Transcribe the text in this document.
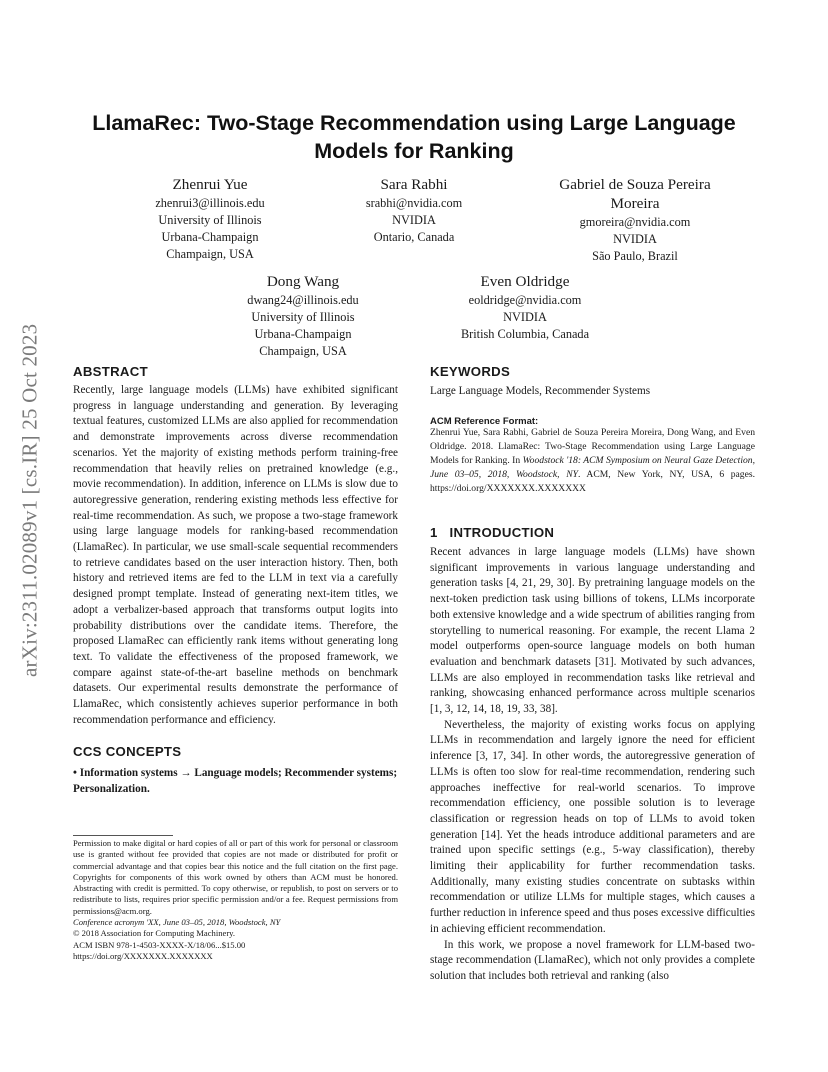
LlamaRec: Two-Stage Recommendation using Large Language Models for Ranking
Zhenrui Yue
zhenrui3@illinois.edu
University of Illinois
Urbana-Champaign
Champaign, USA
Sara Rabhi
srabhi@nvidia.com
NVIDIA
Ontario, Canada
Gabriel de Souza Pereira Moreira
gmoreira@nvidia.com
NVIDIA
São Paulo, Brazil
Dong Wang
dwang24@illinois.edu
University of Illinois
Urbana-Champaign
Champaign, USA
Even Oldridge
eoldridge@nvidia.com
NVIDIA
British Columbia, Canada
arXiv:2311.02089v1 [cs.IR] 25 Oct 2023	ABSTRACT

Recently, large language models (LLMs) have exhibited significant progress in language understanding and generation. By leveraging textual features, customized LLMs are also applied for recommendation and demonstrate improvements across diverse recommendation scenarios. Yet the majority of existing methods perform training-free recommendation that heavily relies on pretrained knowledge (e.g., movie recommendation). In addition, inference on LLMs is slow due to autoregressive generation, rendering existing methods less effective for real-time recommendation. As such, we propose a two-stage framework using large language models for ranking-based recommendation (LlamaRec). In particular, we use small-scale sequential recommenders to retrieve candidates based on the user interaction history. Then, both history and retrieved items are fed to the LLM in text via a carefully designed prompt template. Instead of generating next-item titles, we adopt a verbalizer-based approach that transforms output logits into probability distributions over the candidate items. Therefore, the proposed LlamaRec can efficiently rank items without generating long text. To validate the effectiveness of the proposed framework, we compare against state-of-the-art baseline methods on benchmark datasets. Our experimental results demonstrate the performance of LlamaRec, which consistently achieves superior performance in both recommendation performance and efficiency.

CCS CONCEPTS
• Information systems → Language models; Recommender systems; Personalization.

Permission to make digital or hard copies of all or part of this work for personal or classroom use is granted without fee provided that copies are not made or distributed for profit or commercial advantage and that copies bear this notice and the full citation on the first page. Copyrights for components of this work owned by others than ACM must be honored. Abstracting with credit is permitted. To copy otherwise, or republish, to post on servers or to redistribute to lists, requires prior specific permission and/or a fee. Request permissions from permissions@acm.org.

Conference acronym 'XX, June 03–05, 2018, Woodstock, NY

© 2018 Association for Computing Machinery.

ACM ISBN 978-1-4503-XXXX-X/18/06...$15.00

https://doi.org/XXXXXXX.XXXXXXX

KEYWORDS
Large Language Models, Recommender Systems
ACM Reference Format:
Zhenrui Yue, Sara Rabhi, Gabriel de Souza Pereira Moreira, Dong Wang, and Even Oldridge. 2018. LlamaRec: Two-Stage Recommendation using Large Language Models for Ranking. In Woodstock '18: ACM Symposium on Neural Gaze Detection, June 03–05, 2018, Woodstock, NY. ACM, New York, NY, USA, 6 pages. https://doi.org/XXXXXXX.XXXXXXX
1   INTRODUCTION

Recent advances in large language models (LLMs) have shown significant improvements in various language understanding and generation tasks [4, 21, 29, 30]. By pretraining language models on the next-token prediction task using billions of tokens, LLMs incorporate both extensive knowledge and a wide spectrum of abilities ranging from storytelling to numerical reasoning. For example, the recent Llama 2 model outperforms open-source language models on both human evaluation and benchmark datasets [31]. Motivated by such advances, LLMs are also employed in recommendation tasks like retrieval and ranking, showcasing enhanced performance across multiple scenarios [1, 3, 12, 14, 18, 19, 33, 38].

Nevertheless, the majority of existing works focus on applying LLMs in recommendation and largely ignore the need for efficient inference [3, 17, 34]. In other words, the autoregressive generation of LLMs is often too slow for real-time recommendation, rendering such approaches ineffective for real-world scenarios. To improve recommendation efficiency, one possible solution is to leverage classification or regression heads on top of LLMs to avoid token generation [14]. Yet the heads introduce additional parameters and are trained upon specific settings (e.g., 5-way classification), thereby limiting their applicability for further recommendation tasks. Additionally, many existing studies concentrate on subtasks within recommendation or utilize LLMs for multiple stages, which causes a further reduction in inference speed and thus poses excessive difficulties in achieving efficient recommendation.

In this work, we propose a novel framework for LLM-based two-stage recommendation (LlamaRec), which not only provides a complete solution that includes both retrieval and ranking (also
